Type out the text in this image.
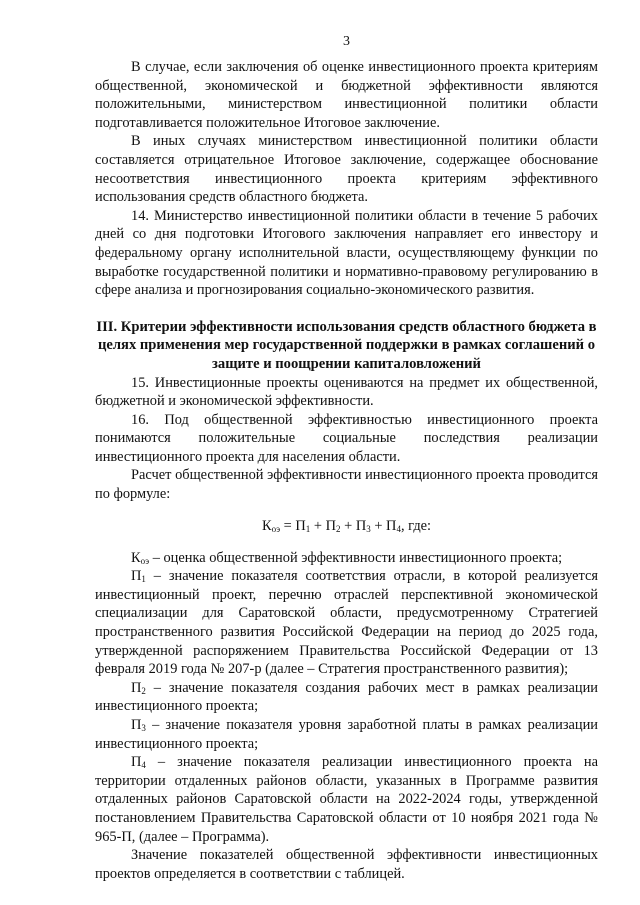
3

В случае, если заключения об оценке инвестиционного проекта критериям общественной, экономической и бюджетной эффективности являются положительными, министерством инвестиционной политики области подготавливается положительное Итоговое заключение.

В иных случаях министерством инвестиционной политики области составляется отрицательное Итоговое заключение, содержащее обоснование несоответствия инвестиционного проекта критериям эффективного использования средств областного бюджета.

14. Министерство инвестиционной политики области в течение 5 рабочих дней со дня подготовки Итогового заключения направляет его инвестору и федеральному органу исполнительной власти, осуществляющему функции по выработке государственной политики и нормативно-правовому регулированию в сфере анализа и прогнозирования социально-экономического развития.

III. Критерии эффективности использования средств областного бюджета в целях применения мер государственной поддержки в рамках соглашений о защите и поощрении капиталовложений

15. Инвестиционные проекты оцениваются на предмет их общественной, бюджетной и экономической эффективности.

16. Под общественной эффективностью инвестиционного проекта понимаются положительные социальные последствия реализации инвестиционного проекта для населения области.

Расчет общественной эффективности инвестиционного проекта проводится по формуле:

$К_{оэ} = П_1 + П_2 + П_3 + П_4$, где:

$К_{оэ}$ – оценка общественной эффективности инвестиционного проекта;

$П_1$ – значение показателя соответствия отрасли, в которой реализуется инвестиционный проект, перечню отраслей перспективной экономической специализации для Саратовской области, предусмотренному Стратегией пространственного развития Российской Федерации на период до 2025 года, утвержденной распоряжением Правительства Российской Федерации от 13 февраля 2019 года № 207-р (далее – Стратегия пространственного развития);

$П_2$ – значение показателя создания рабочих мест в рамках реализации инвестиционного проекта;

$П_3$ – значение показателя уровня заработной платы в рамках реализации инвестиционного проекта;

$П_4$ – значение показателя реализации инвестиционного проекта на территории отдаленных районов области, указанных в Программе развития отдаленных районов Саратовской области на 2022-2024 годы, утвержденной постановлением Правительства Саратовской области от 10 ноября 2021 года № 965-П, (далее – Программа).

Значение показателей общественной эффективности инвестиционных проектов определяется в соответствии с таблицей.
